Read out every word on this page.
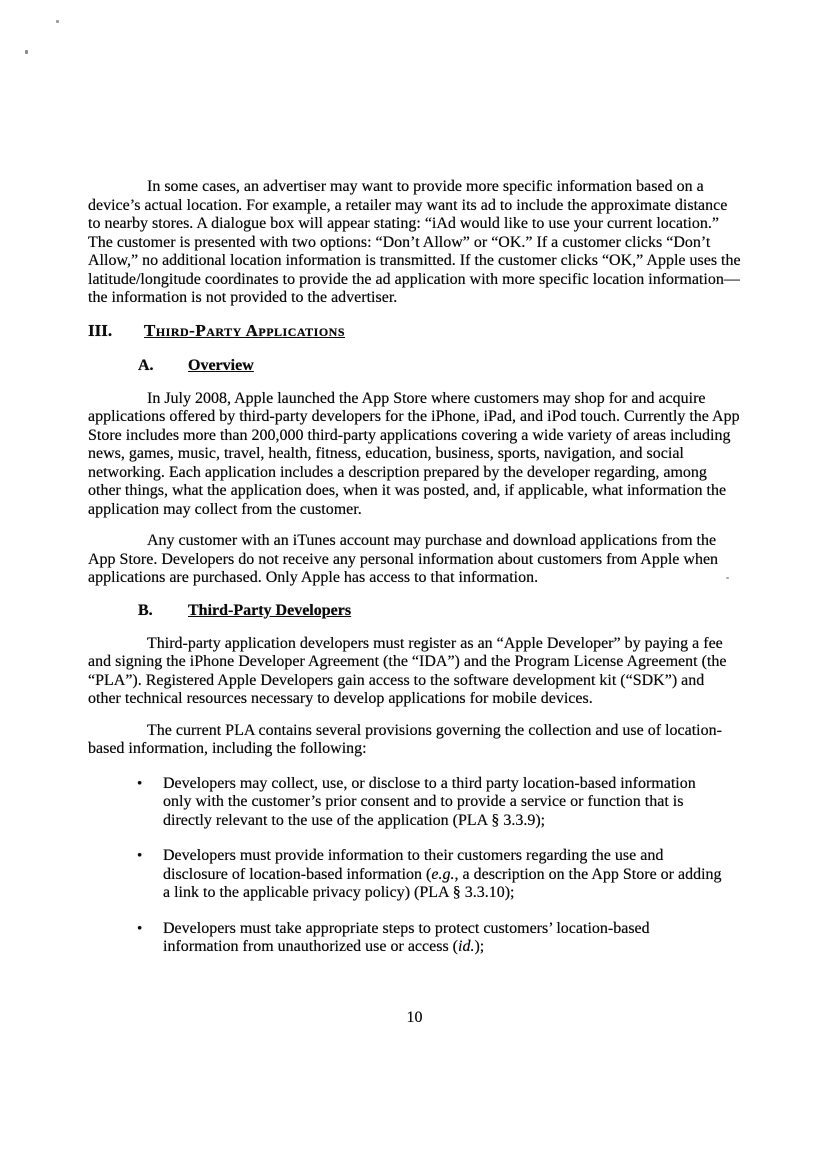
In some cases, an advertiser may want to provide more specific information based on a device’s actual location. For example, a retailer may want its ad to include the approximate distance to nearby stores. A dialogue box will appear stating: “iAd would like to use your current location.” The customer is presented with two options: “Don’t Allow” or “OK.” If a customer clicks “Don’t Allow,” no additional location information is transmitted. If the customer clicks “OK,” Apple uses the latitude/longitude coordinates to provide the ad application with more specific location information—the information is not provided to the advertiser.

III.	Third-Party Applications
A.	Overview

In July 2008, Apple launched the App Store where customers may shop for and acquire applications offered by third-party developers for the iPhone, iPad, and iPod touch. Currently the App Store includes more than 200,000 third-party applications covering a wide variety of areas including news, games, music, travel, health, fitness, education, business, sports, navigation, and social networking. Each application includes a description prepared by the developer regarding, among other things, what the application does, when it was posted, and, if applicable, what information the application may collect from the customer.

Any customer with an iTunes account may purchase and download applications from the App Store. Developers do not receive any personal information about customers from Apple when applications are purchased. Only Apple has access to that information.

B.	Third-Party Developers

Third-party application developers must register as an “Apple Developer” by paying a fee and signing the iPhone Developer Agreement (the “IDA”) and the Program License Agreement (the “PLA”). Registered Apple Developers gain access to the software development kit (“SDK”) and other technical resources necessary to develop applications for mobile devices.

The current PLA contains several provisions governing the collection and use of location-based information, including the following:

•	Developers may collect, use, or disclose to a third party location-based information only with the customer’s prior consent and to provide a service or function that is directly relevant to the use of the application (PLA § 3.3.9);
•	Developers must provide information to their customers regarding the use and disclosure of location-based information (e.g., a description on the App Store or adding a link to the applicable privacy policy) (PLA § 3.3.10);
•	Developers must take appropriate steps to protect customers’ location-based information from unauthorized use or access (id.);
10
